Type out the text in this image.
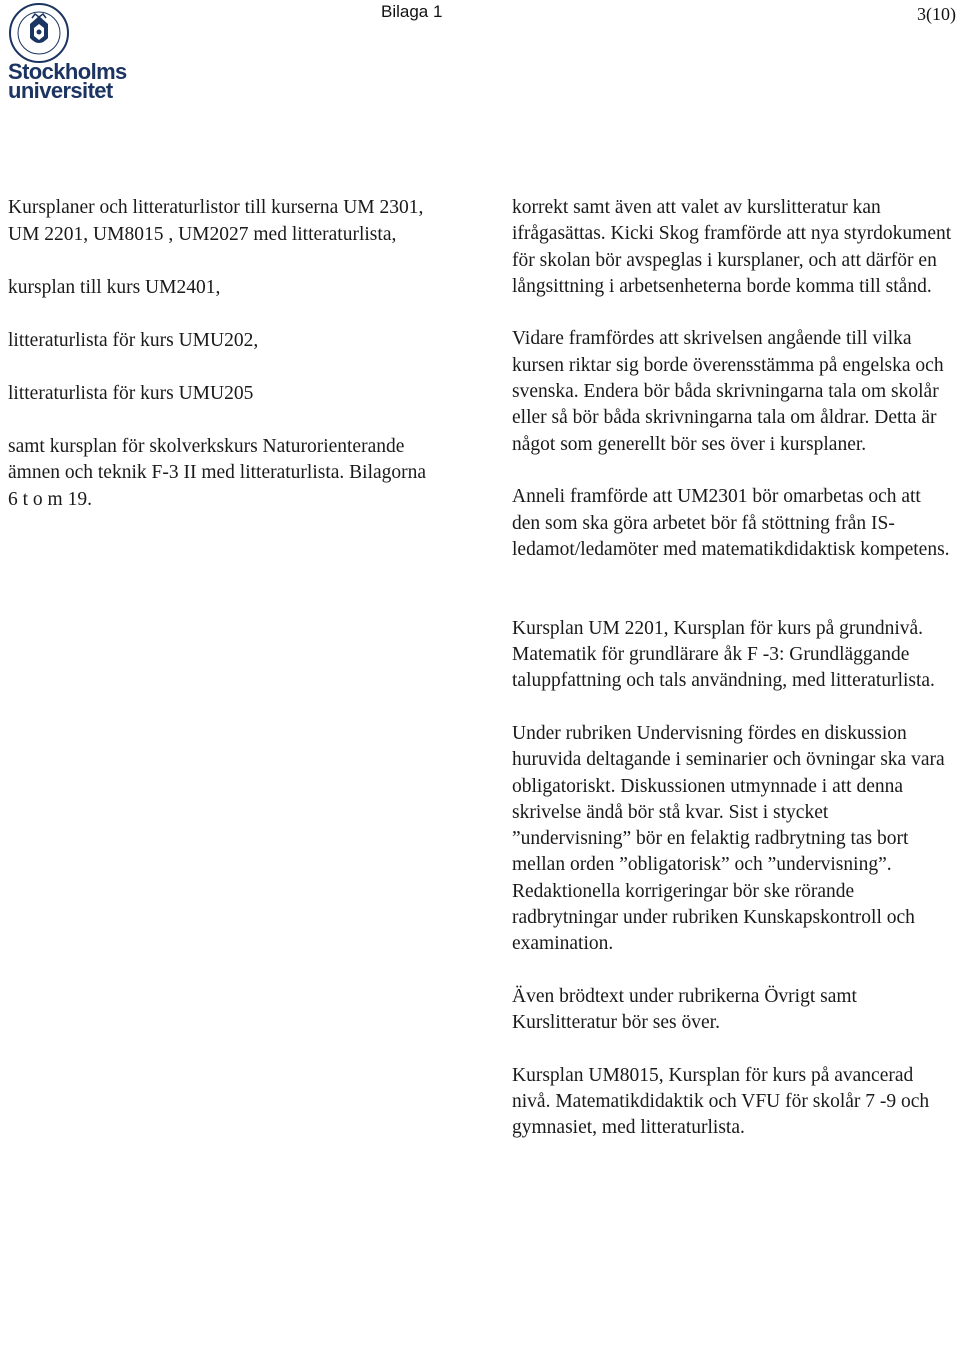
Bilaga 1	3(10)
Stockholms
universitet

Kursplaner och litteraturlistor till kurserna UM 2301,

UM 2201, UM8015 , UM2027 med litteraturlista,

kursplan till kurs UM2401,

litteraturlista för kurs UMU202,

litteraturlista för kurs UMU205

samt kursplan för skolverkskurs Naturorienterande

ämnen och teknik F-3 II med litteraturlista. Bilagorna

6 t o m 19.

korrekt samt även att valet av kurslitteratur kan ifrågasättas. Kicki Skog framförde att nya styrdokument för skolan bör avspeglas i kursplaner, och att därför en långsittning i arbetsenheterna borde komma till stånd.

Vidare framfördes att skrivelsen angående till vilka kursen riktar sig borde överensstämma på engelska och svenska. Endera bör båda skrivningarna tala om skolår eller så bör båda skrivningarna tala om åldrar. Detta är något som generellt bör ses över i kursplaner.

Anneli framförde att UM2301 bör omarbetas och att den som ska göra arbetet bör få stöttning från IS-ledamot/ledamöter med matematikdidaktisk kompetens.

Kursplan UM 2201, Kursplan för kurs på grundnivå. Matematik för grundlärare åk F -3: Grundläggande taluppfattning och tals användning, med litteraturlista.

Under rubriken Undervisning fördes en diskussion huruvida deltagande i seminarier och övningar ska vara obligatoriskt. Diskussionen utmynnade i att denna skrivelse ändå bör stå kvar. Sist i stycket ”undervisning” bör en felaktig radbrytning tas bort mellan orden ”obligatorisk” och ”undervisning”. Redaktionella korrigeringar bör ske rörande radbrytningar under rubriken Kunskapskontroll och examination.

Även brödtext under rubrikerna Övrigt samt Kurslitteratur bör ses över.

Kursplan UM8015, Kursplan för kurs på avancerad nivå. Matematikdidaktik och VFU för skolår 7 -9 och gymnasiet, med litteraturlista.
